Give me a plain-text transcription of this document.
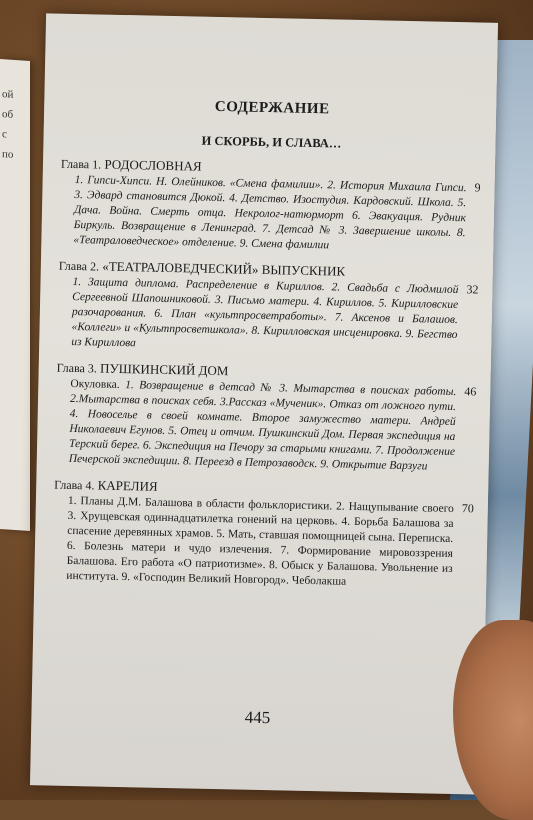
ой
об
с
по
СОДЕРЖАНИЕ
И СКОРБЬ, И СЛАВА…
Глава 1. РОДОСЛОВНАЯ
1. Гипси-Хипси. Н. Олейников. «Смена фамилии». 2. История Михаила Гипси. 3. Эдвард становится Дюкой. 4. Детство. Изостудия. Кардовский. Школа. 5. Дача. Война. Смерть отца. Некролог-натюрморт 6. Эвакуация. Рудник Биркуль. Возвращение в Ленинград. 7. Детсад № 3. Завершение школы. 8. «Театраловедческое» отделение. 9. Смена фамилии
9
Глава 2. «ТЕАТРАЛОВЕДЧЕСКИЙ» ВЫПУСКНИК
1. Защита диплома. Распределение в Кириллов. 2. Свадьба с Людмилой Сергеевной Шапошниковой. 3. Письмо матери. 4. Кириллов. 5. Кирилловские разочарования. 6. План «культпросветработы». 7. Аксенов и Балашов. «Коллеги» и «Культпросветшкола». 8. Кирилловская инсценировка. 9. Бегство из Кириллова
32
Глава 3. ПУШКИНСКИЙ ДОМ
Окуловка. 1. Возвращение в детсад № 3. Мытарства в поисках работы. 2.Мытарства в поисках себя. 3.Рассказ «Мученик». Отказ от ложного пути. 4. Новоселье в своей комнате. Второе замужество матери. Андрей Николаевич Егунов. 5. Отец и отчим. Пушкинский Дом. Первая экспедиция на Терский берег. 6. Экспедиция на Печору за старыми книгами. 7. Продолжение Печерской экспедиции. 8. Переезд в Петрозаводск. 9. Открытие Варзуги
46
Глава 4. КАРЕЛИЯ
1. Планы Д.М. Балашова в области фольклористики. 2. Нащупывание своего 3. Хрущевская одиннадцатилетка гонений на церковь. 4. Борьба Балашова за спасение деревянных храмов. 5. Мать, ставшая помощницей сына. Переписка. 6. Болезнь матери и чудо излечения. 7. Формирование мировоззрения Балашова. Его работа «О патриотизме». 8. Обыск у Балашова. Увольнение из института. 9. «Господин Великий Новгород». Чеболакша
70
445
